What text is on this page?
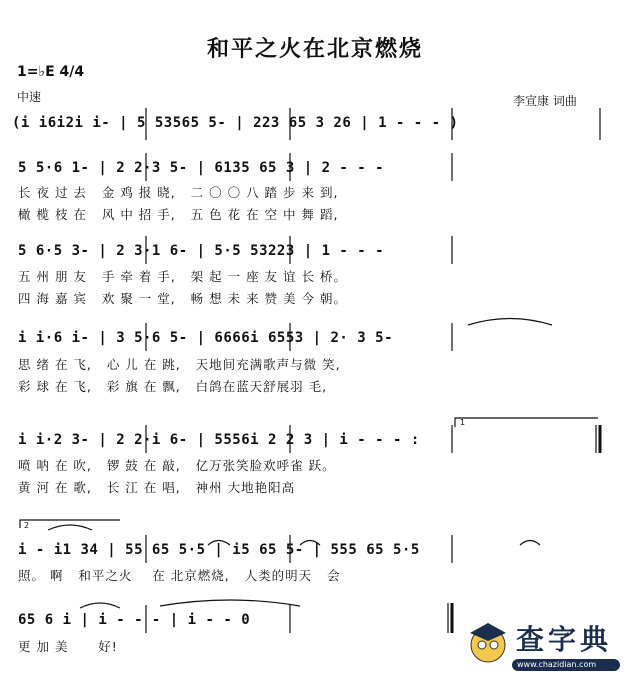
和平之火在北京燃烧
1=♭E 4/4
中速	李宣康 词曲
(i i6i2i i- | 5 53565 5- | 223 65 3 26 | 1 - - - )
5 5·6 1- | 2 2·3 5- | 6135 65 3 | 2 - - -
长 夜 过 去   金 鸡 报 晓,   二 〇 〇 八 踏 步 来 到,
橄 榄 枝 在   风 中 招 手,   五 色 花 在 空 中 舞 蹈,
5 6·5 3- | 2 3·1 6- | 5·5 53223 | 1 - - -
五 州 朋 友   手 牵 着 手,   架 起 一 座 友 谊 长 桥。
四 海 嘉 宾   欢 聚 一 堂,   畅 想 未 来 赞 美 今 朝。
i i·6 i- | 3 5·6 5- | 6666i 6553 | 2· 3 5-
思 绪 在 飞,   心 儿 在 跳,   天地间充满歌声与微 笑,
彩 球 在 飞,   彩 旗 在 飘,   白鸽在蓝天舒展羽 毛,
i i·2 3- | 2 2·i 6- | 5556i 2 2 3 | i - - - :
喷 呐 在 吹,   锣 鼓 在 敲,   亿万张笑脸欢呼雀 跃。
黄 河 在 歌,   长 江 在 唱,   神州 大地艳阳高
i - i1 34 | 55 65 5·5 | i5 65 5- | 555 65 5·5
照。 啊   和平之火    在 北京燃烧,   人类的明天   会
65 6 i | i - - - | i - - 0
更 加 美      好!
1
2
查字典
www.chazidian.com
